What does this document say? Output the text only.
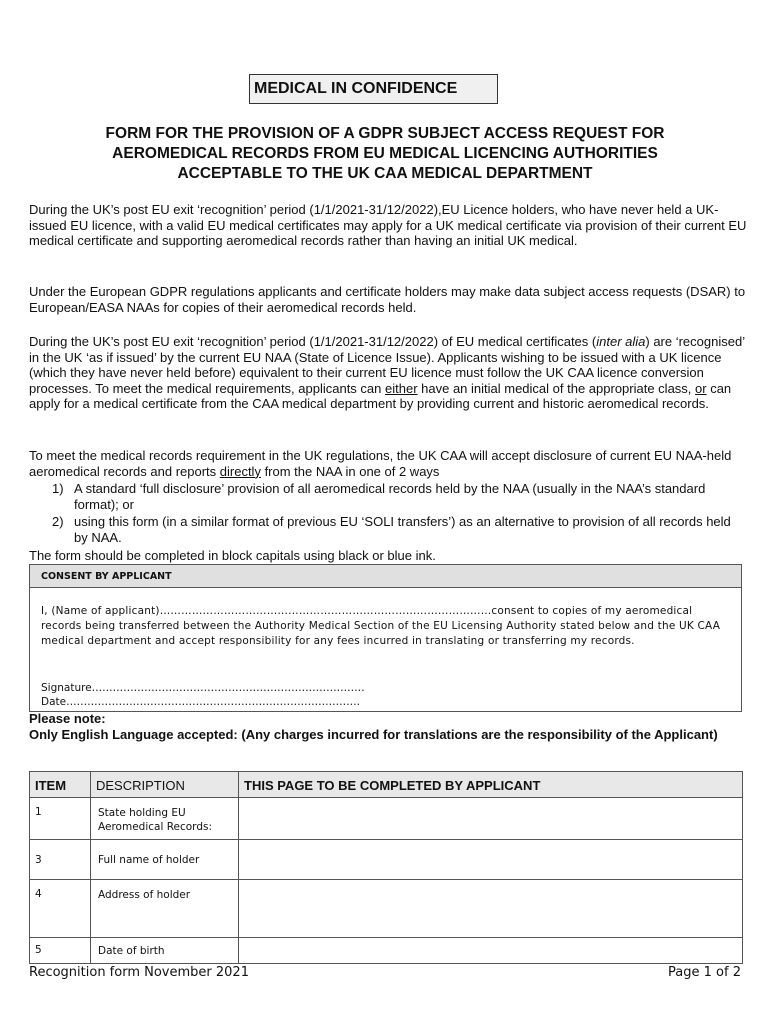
MEDICAL IN CONFIDENCE
FORM FOR THE PROVISION OF A GDPR SUBJECT ACCESS REQUEST FOR
AEROMEDICAL RECORDS FROM EU MEDICAL LICENCING AUTHORITIES
ACCEPTABLE TO THE UK CAA MEDICAL DEPARTMENT
During the UK’s post EU exit ‘recognition’ period (1/1/2021-31/12/2022),EU Licence holders, who have never held a UK-issued EU licence, with a valid EU medical certificates may apply for a UK medical certificate via provision of their current EU medical certificate and supporting aeromedical records rather than having an initial UK medical.
Under the European GDPR regulations applicants and certificate holders may make data subject access requests (DSAR) to European/EASA NAAs for copies of their aeromedical records held.
During the UK’s post EU exit ‘recognition’ period (1/1/2021-31/12/2022) of EU medical certificates (inter alia) are ‘recognised’ in the UK ‘as if issued’ by the current EU NAA (State of Licence Issue). Applicants wishing to be issued with a UK licence (which they have never held before) equivalent to their current EU licence must follow the UK CAA licence conversion processes. To meet the medical requirements, applicants can either have an initial medical of the appropriate class, or can apply for a medical certificate from the CAA medical department by providing current and historic aeromedical records.
To meet the medical records requirement in the UK regulations, the UK CAA will accept disclosure of current EU NAA-held aeromedical records and reports directly from the NAA in one of 2 ways
1) A standard ‘full disclosure’ provision of all aeromedical records held by the NAA (usually in the NAA’s standard format); or
2) using this form (in a similar format of previous EU ‘SOLI transfers’) as an alternative to provision of all records held by NAA.
The form should be completed in block capitals using black or blue ink.
CONSENT BY APPLICANT
I, (Name of applicant)…………………………………………………………………………………consent to copies of my aeromedical records being transferred between the Authority Medical Section of the EU Licensing Authority stated below and the UK CAA medical department and accept responsibility for any fees incurred in translating or transferring my records.
Signature……………………………………………………………………
Date…………………………………………………………………………
Please note:
Only English Language accepted: (Any charges incurred for translations are the responsibility of the Applicant)
ITEM	DESCRIPTION	THIS PAGE TO BE COMPLETED BY APPLICANT
1	State holding EU Aeromedical Records:	
3	Full name of holder	
4	Address of holder	
5	Date of birth	
Recognition form November 2021	Page 1 of 2
